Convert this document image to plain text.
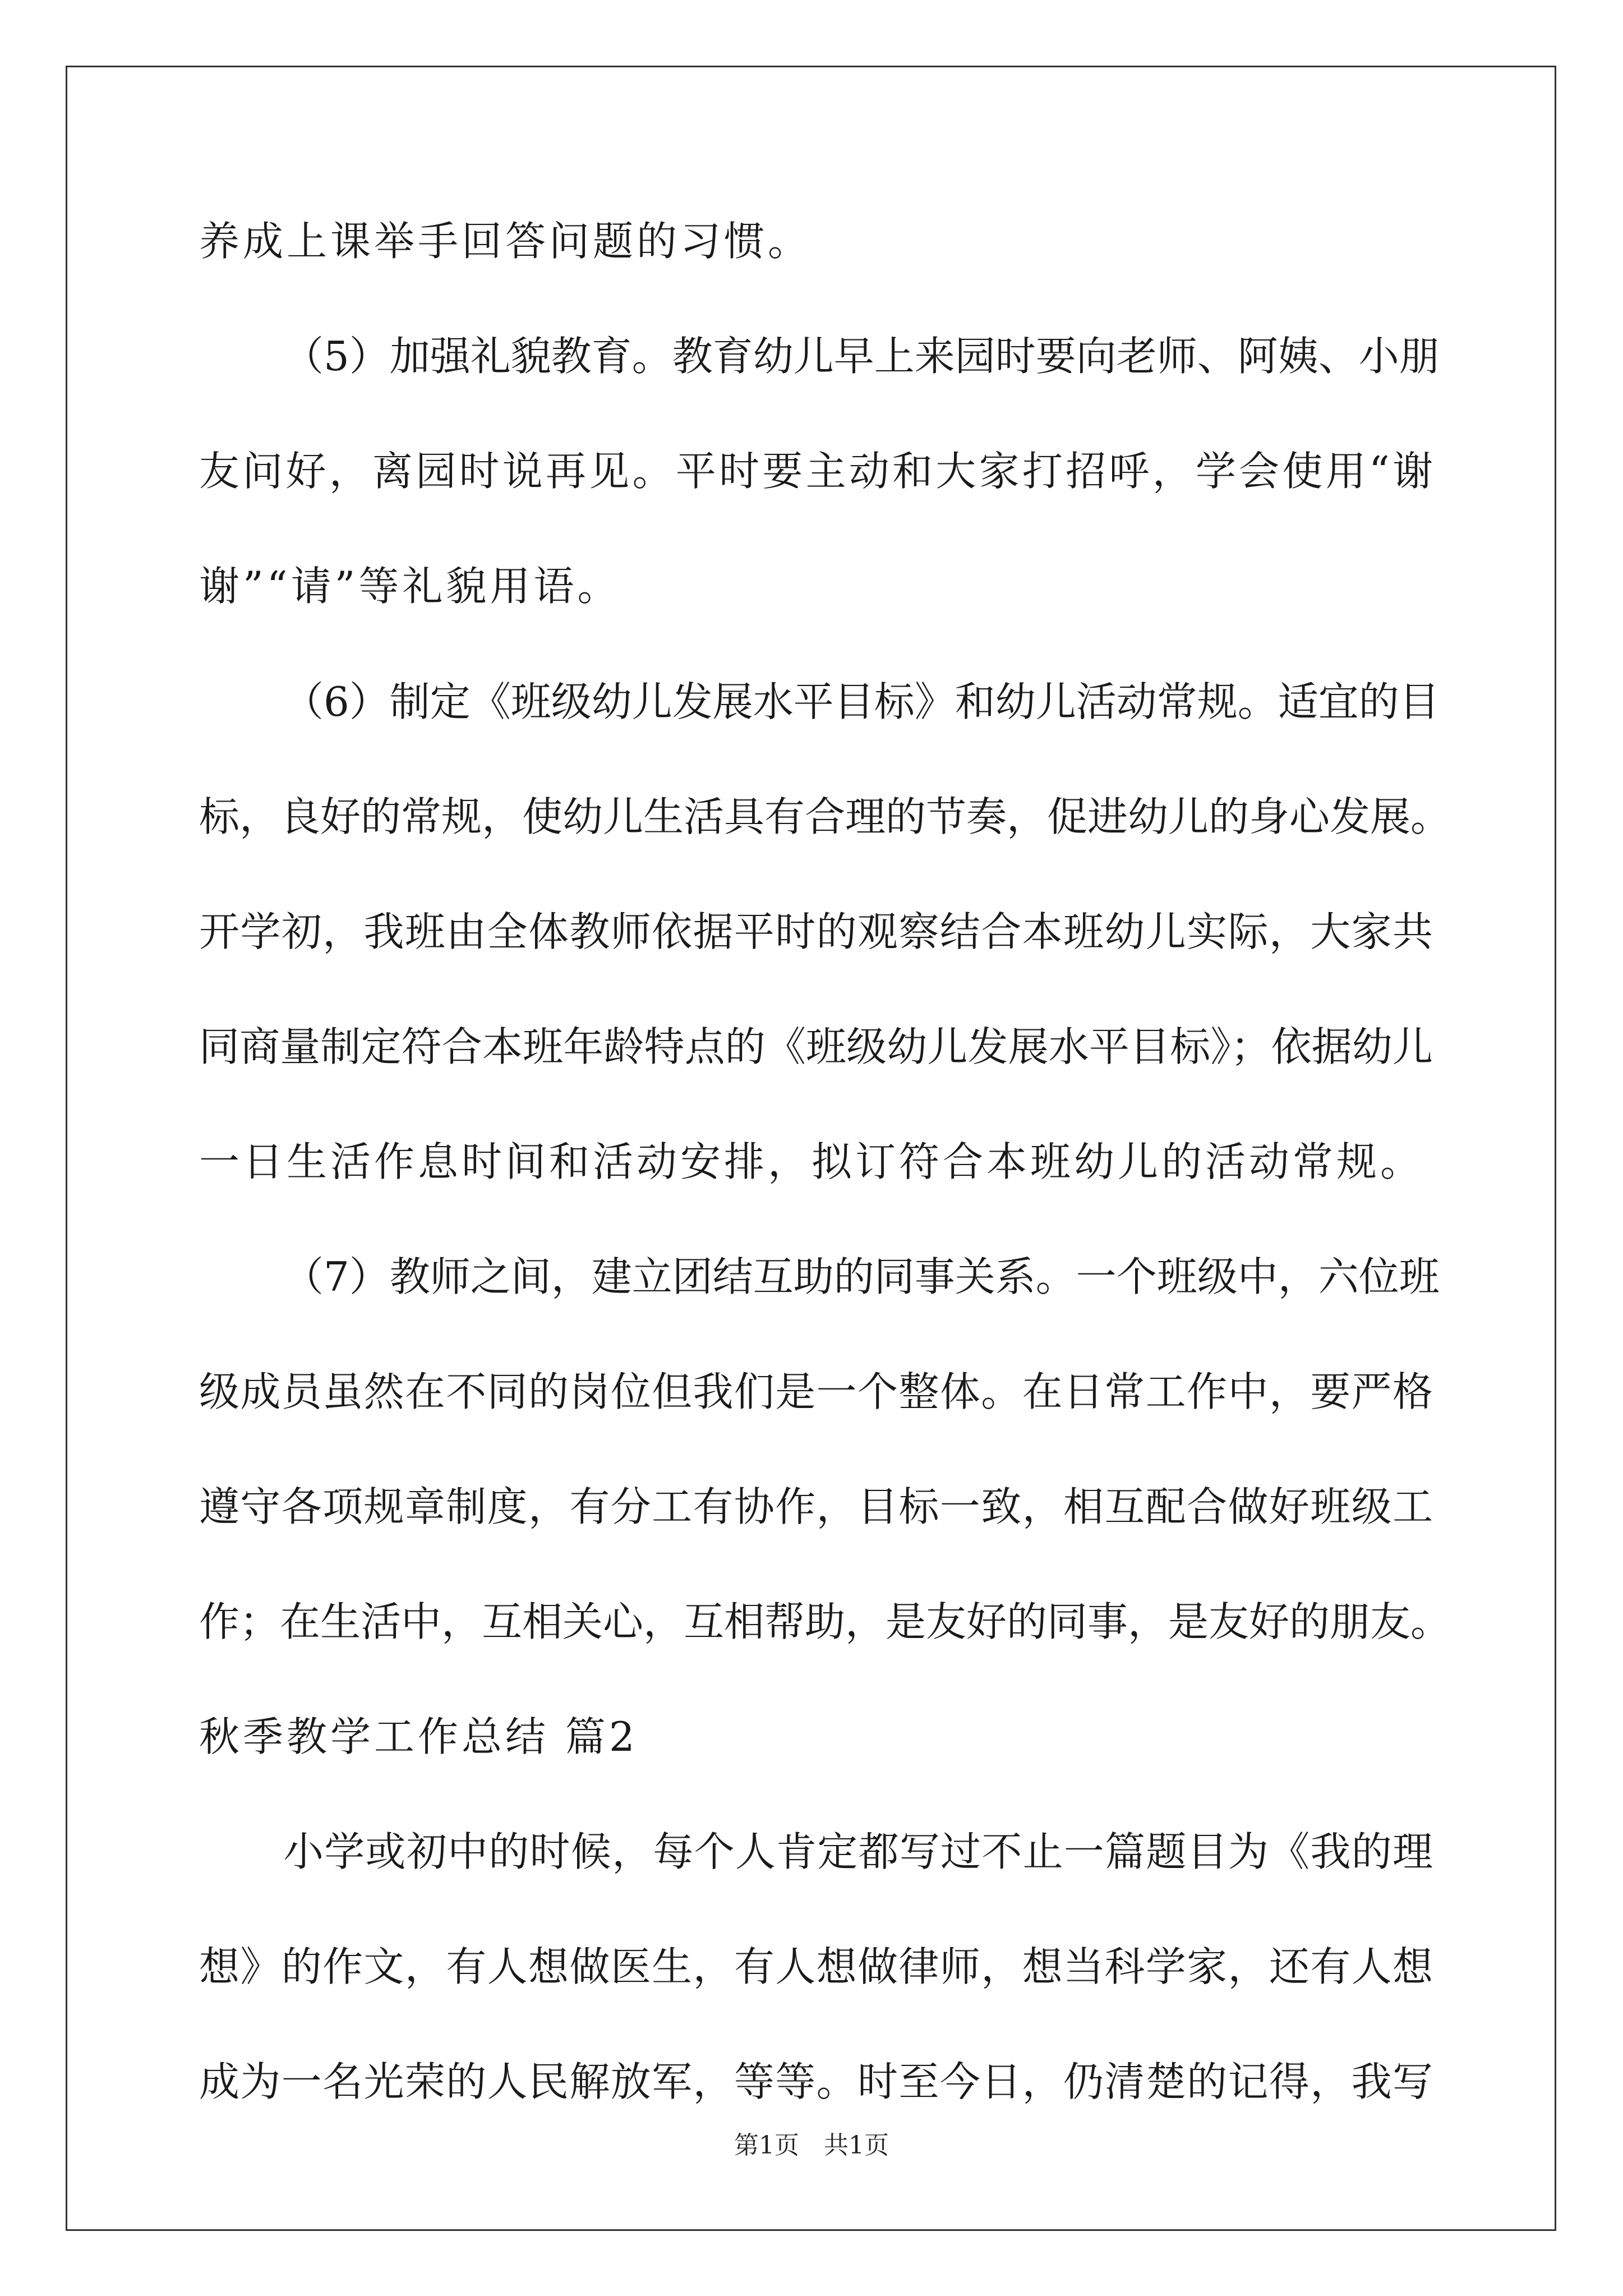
养成上课举手回答问题的习惯。
（5）加强礼貌教育。教育幼儿早上来园时要向老师、阿姨、小朋
友问好，离园时说再见。平时要主动和大家打招呼，学会使用“谢
谢”“请”等礼貌用语。
（6）制定《班级幼儿发展水平目标》和幼儿活动常规。适宜的目
标，良好的常规，使幼儿生活具有合理的节奏，促进幼儿的身心发展。
开学初，我班由全体教师依据平时的观察结合本班幼儿实际，大家共
同商量制定符合本班年龄特点的《班级幼儿发展水平目标》；依据幼儿
一日生活作息时间和活动安排，拟订符合本班幼儿的活动常规。
（7）教师之间，建立团结互助的同事关系。一个班级中，六位班
级成员虽然在不同的岗位但我们是一个整体。在日常工作中，要严格
遵守各项规章制度，有分工有协作，目标一致，相互配合做好班级工
作；在生活中，互相关心，互相帮助，是友好的同事，是友好的朋友。
秋季教学工作总结 篇2
小学或初中的时候，每个人肯定都写过不止一篇题目为《我的理
想》的作文，有人想做医生，有人想做律师，想当科学家，还有人想
成为一名光荣的人民解放军，等等。时至今日，仍清楚的记得，我写
第1页　共1页
